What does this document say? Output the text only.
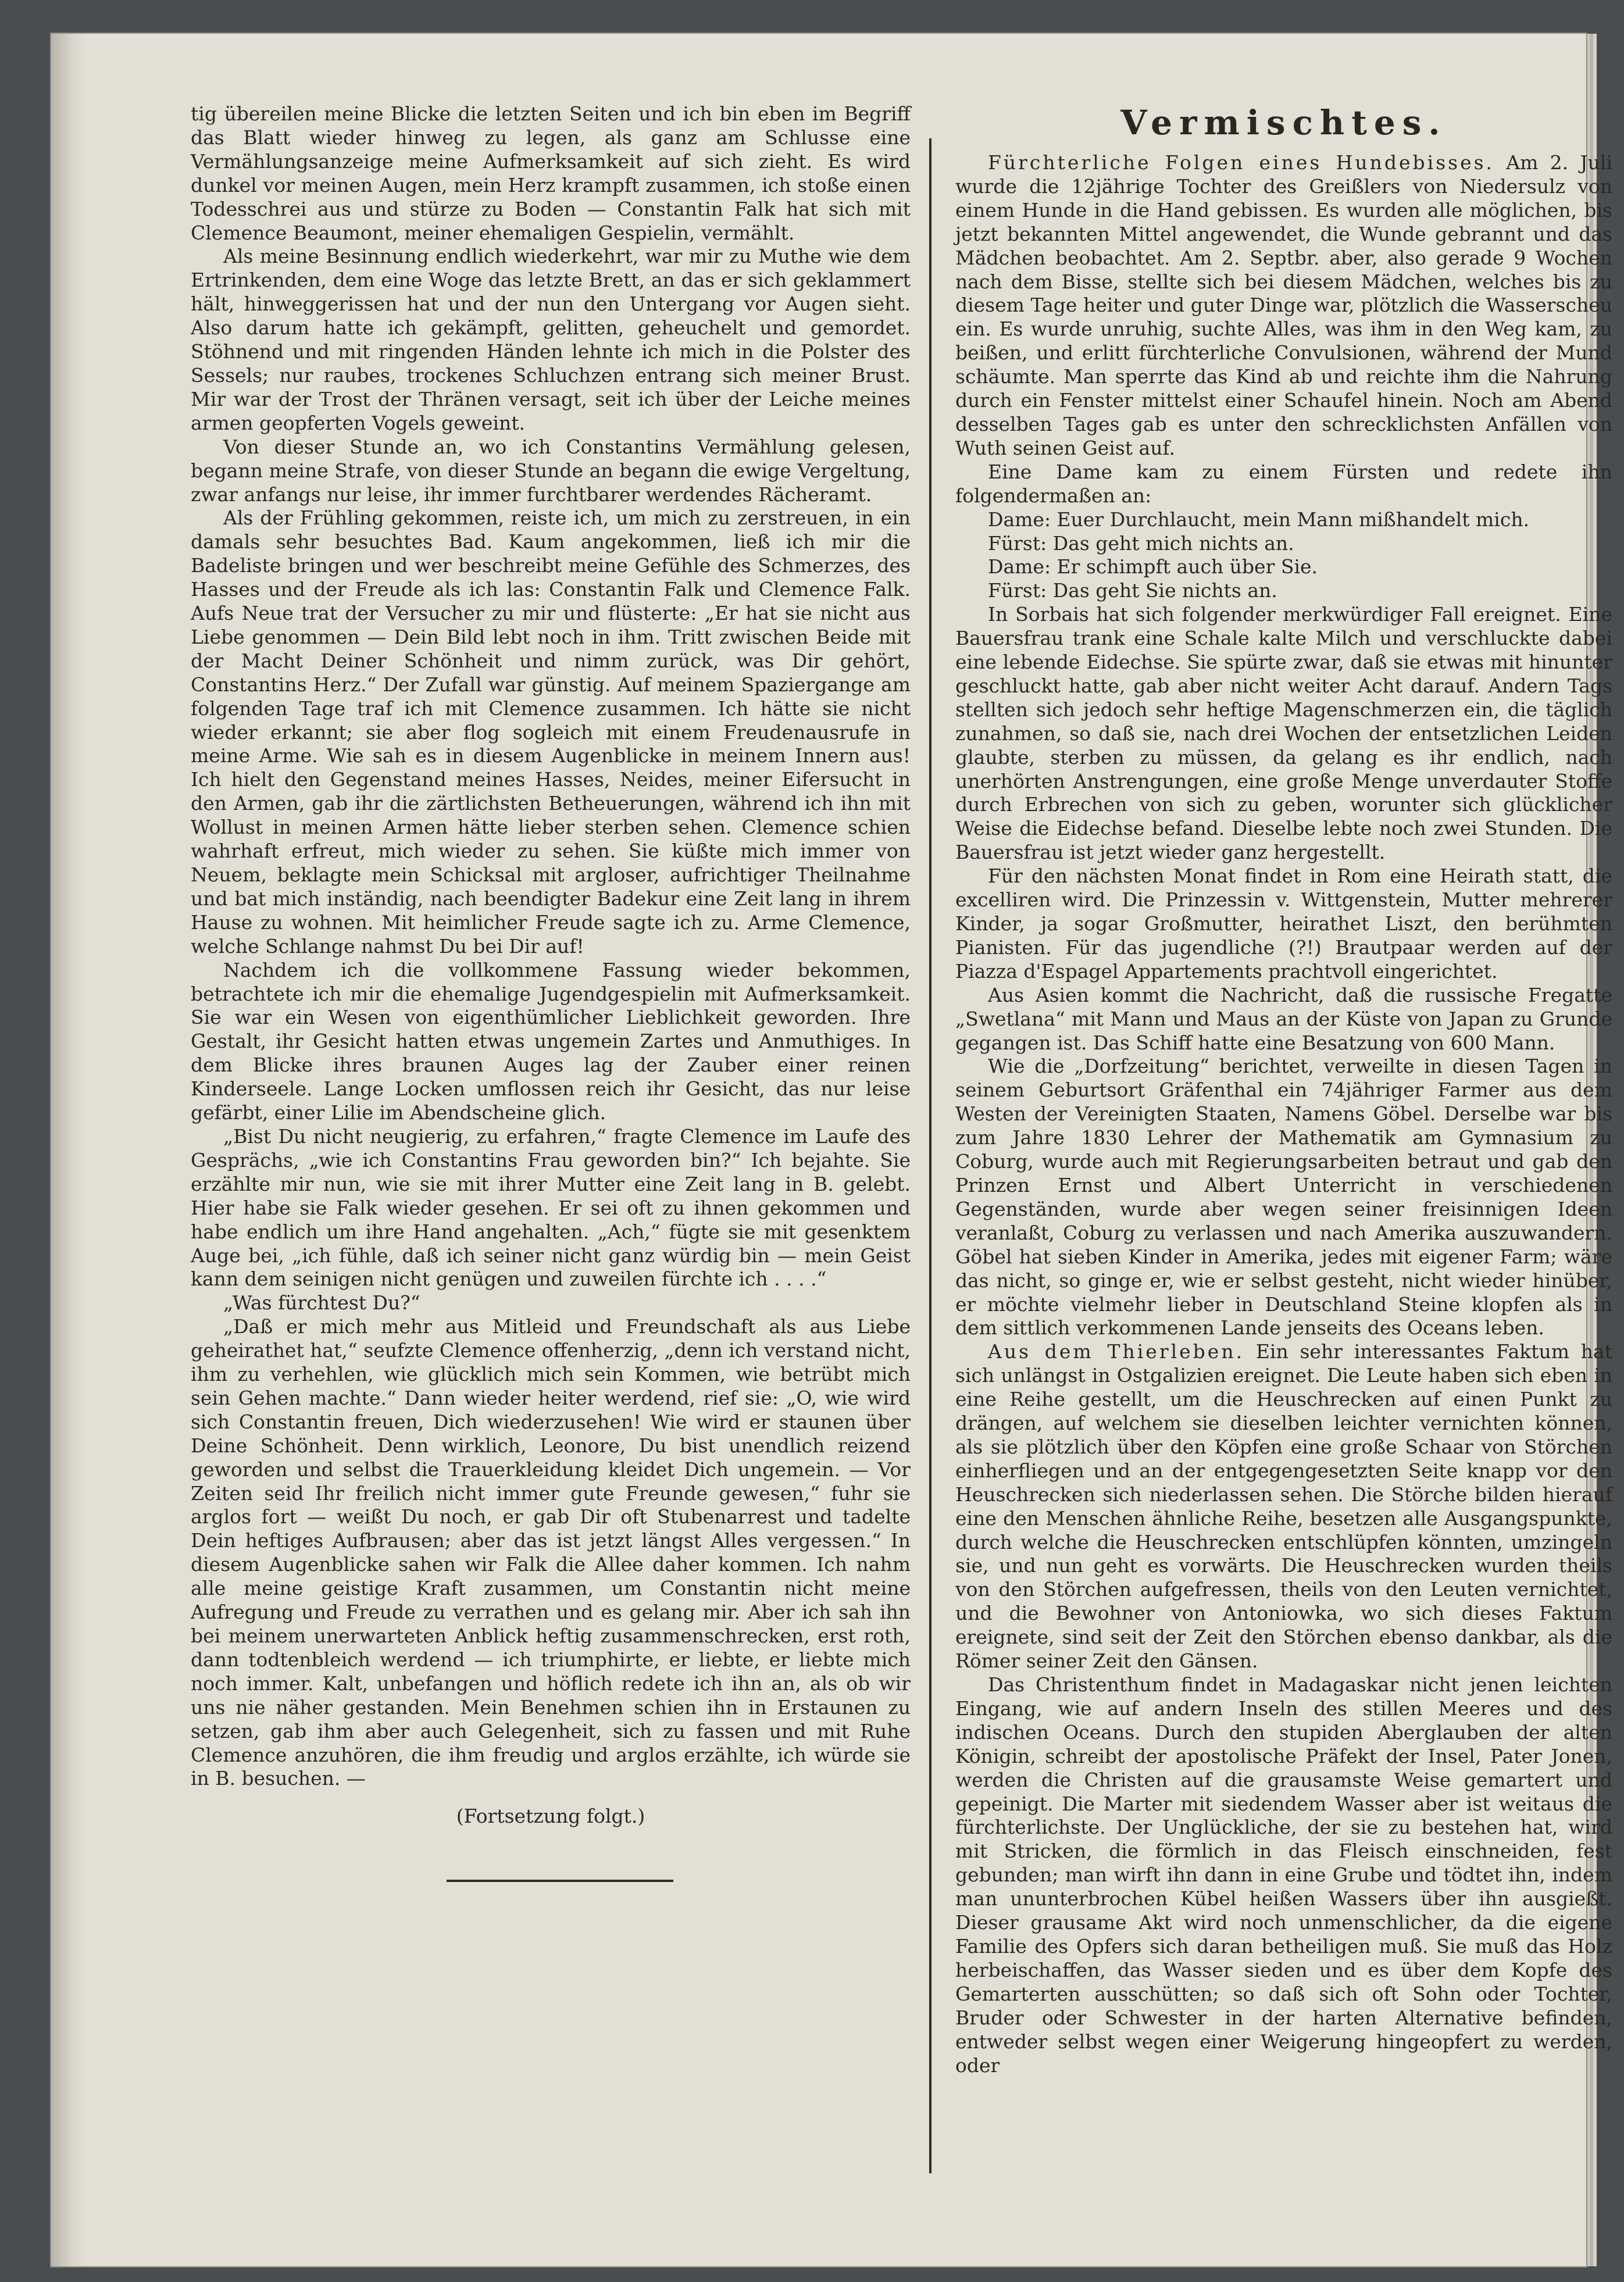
tig übereilen meine Blicke die letzten Seiten und ich bin eben im Begriff das Blatt wieder hinweg zu legen, als ganz am Schlusse eine Vermählungsanzeige meine Aufmerksamkeit auf sich zieht. Es wird dunkel vor meinen Augen, mein Herz krampft zusammen, ich stoße einen Todesschrei aus und stürze zu Boden — Constantin Falk hat sich mit Clemence Beaumont, meiner ehemaligen Gespielin, vermählt.

Als meine Besinnung endlich wiederkehrt, war mir zu Muthe wie dem Ertrinkenden, dem eine Woge das letzte Brett, an das er sich geklammert hält, hinweggerissen hat und der nun den Untergang vor Augen sieht. Also darum hatte ich gekämpft, gelitten, geheuchelt und gemordet. Stöhnend und mit ringenden Händen lehnte ich mich in die Polster des Sessels; nur raubes, trockenes Schluchzen entrang sich meiner Brust. Mir war der Trost der Thränen versagt, seit ich über der Leiche meines armen geopferten Vogels geweint.

Von dieser Stunde an, wo ich Constantins Vermählung gelesen, begann meine Strafe, von dieser Stunde an begann die ewige Vergeltung, zwar anfangs nur leise, ihr immer furchtbarer werdendes Rächeramt.

Als der Frühling gekommen, reiste ich, um mich zu zerstreuen, in ein damals sehr besuchtes Bad. Kaum angekommen, ließ ich mir die Badeliste bringen und wer beschreibt meine Gefühle des Schmerzes, des Hasses und der Freude als ich las: Constantin Falk und Clemence Falk. Aufs Neue trat der Versucher zu mir und flüsterte: „Er hat sie nicht aus Liebe genommen — Dein Bild lebt noch in ihm. Tritt zwischen Beide mit der Macht Deiner Schönheit und nimm zurück, was Dir gehört, Constantins Herz.“ Der Zufall war günstig. Auf meinem Spaziergange am folgenden Tage traf ich mit Clemence zusammen. Ich hätte sie nicht wieder erkannt; sie aber flog sogleich mit einem Freudenausrufe in meine Arme. Wie sah es in diesem Augenblicke in meinem Innern aus! Ich hielt den Gegenstand meines Hasses, Neides, meiner Eifersucht in den Armen, gab ihr die zärtlichsten Betheuerungen, während ich ihn mit Wollust in meinen Armen hätte lieber sterben sehen. Clemence schien wahrhaft erfreut, mich wieder zu sehen. Sie küßte mich immer von Neuem, beklagte mein Schicksal mit argloser, aufrichtiger Theilnahme und bat mich inständig, nach beendigter Badekur eine Zeit lang in ihrem Hause zu wohnen. Mit heimlicher Freude sagte ich zu. Arme Clemence, welche Schlange nahmst Du bei Dir auf!

Nachdem ich die vollkommene Fassung wieder bekommen, betrachtete ich mir die ehemalige Jugendgespielin mit Aufmerksamkeit. Sie war ein Wesen von eigenthümlicher Lieblichkeit geworden. Ihre Gestalt, ihr Gesicht hatten etwas ungemein Zartes und Anmuthiges. In dem Blicke ihres braunen Auges lag der Zauber einer reinen Kinderseele. Lange Locken umflossen reich ihr Gesicht, das nur leise gefärbt, einer Lilie im Abendscheine glich.

„Bist Du nicht neugierig, zu erfahren,“ fragte Clemence im Laufe des Gesprächs, „wie ich Constantins Frau geworden bin?“ Ich bejahte. Sie erzählte mir nun, wie sie mit ihrer Mutter eine Zeit lang in B. gelebt. Hier habe sie Falk wieder gesehen. Er sei oft zu ihnen gekommen und habe endlich um ihre Hand angehalten. „Ach,“ fügte sie mit gesenktem Auge bei, „ich fühle, daß ich seiner nicht ganz würdig bin — mein Geist kann dem seinigen nicht genügen und zuweilen fürchte ich . . . .“

„Was fürchtest Du?“

„Daß er mich mehr aus Mitleid und Freundschaft als aus Liebe geheirathet hat,“ seufzte Clemence offenherzig, „denn ich verstand nicht, ihm zu verhehlen, wie glücklich mich sein Kommen, wie betrübt mich sein Gehen machte.“ Dann wieder heiter werdend, rief sie: „O, wie wird sich Constantin freuen, Dich wiederzusehen! Wie wird er staunen über Deine Schönheit. Denn wirklich, Leonore, Du bist unendlich reizend geworden und selbst die Trauerkleidung kleidet Dich ungemein. — Vor Zeiten seid Ihr freilich nicht immer gute Freunde gewesen,“ fuhr sie arglos fort — weißt Du noch, er gab Dir oft Stubenarrest und tadelte Dein heftiges Aufbrausen; aber das ist jetzt längst Alles vergessen.“ In diesem Augenblicke sahen wir Falk die Allee daher kommen. Ich nahm alle meine geistige Kraft zusammen, um Constantin nicht meine Aufregung und Freude zu verrathen und es gelang mir. Aber ich sah ihn bei meinem unerwarteten Anblick heftig zusammenschrecken, erst roth, dann todtenbleich werdend — ich triumphirte, er liebte, er liebte mich noch immer. Kalt, unbefangen und höflich redete ich ihn an, als ob wir uns nie näher gestanden. Mein Benehmen schien ihn in Erstaunen zu setzen, gab ihm aber auch Gelegenheit, sich zu fassen und mit Ruhe Clemence anzuhören, die ihm freudig und arglos erzählte, ich würde sie in B. besuchen. —

(Fortsetzung folgt.)

Vermischtes.

Fürchterliche Folgen eines Hundebisses. Am 2. Juli wurde die 12jährige Tochter des Greißlers von Niedersulz von einem Hunde in die Hand gebissen. Es wurden alle möglichen, bis jetzt bekannten Mittel angewendet, die Wunde gebrannt und das Mädchen beobachtet. Am 2. Septbr. aber, also gerade 9 Wochen nach dem Bisse, stellte sich bei diesem Mädchen, welches bis zu diesem Tage heiter und guter Dinge war, plötzlich die Wasserscheu ein. Es wurde unruhig, suchte Alles, was ihm in den Weg kam, zu beißen, und erlitt fürchterliche Convulsionen, während der Mund schäumte. Man sperrte das Kind ab und reichte ihm die Nahrung durch ein Fenster mittelst einer Schaufel hinein. Noch am Abend desselben Tages gab es unter den schrecklichsten Anfällen von Wuth seinen Geist auf.

Eine Dame kam zu einem Fürsten und redete ihn folgendermaßen an:

Dame: Euer Durchlaucht, mein Mann mißhandelt mich.

Fürst: Das geht mich nichts an.

Dame: Er schimpft auch über Sie.

Fürst: Das geht Sie nichts an.

In Sorbais hat sich folgender merkwürdiger Fall ereignet. Eine Bauersfrau trank eine Schale kalte Milch und verschluckte dabei eine lebende Eidechse. Sie spürte zwar, daß sie etwas mit hinunter geschluckt hatte, gab aber nicht weiter Acht darauf. Andern Tags stellten sich jedoch sehr heftige Magenschmerzen ein, die täglich zunahmen, so daß sie, nach drei Wochen der entsetzlichen Leiden glaubte, sterben zu müssen, da gelang es ihr endlich, nach unerhörten Anstrengungen, eine große Menge unverdauter Stoffe durch Erbrechen von sich zu geben, worunter sich glücklicher Weise die Eidechse befand. Dieselbe lebte noch zwei Stunden. Die Bauersfrau ist jetzt wieder ganz hergestellt.

Für den nächsten Monat findet in Rom eine Heirath statt, die excelliren wird. Die Prinzessin v. Wittgenstein, Mutter mehrerer Kinder, ja sogar Großmutter, heirathet Liszt, den berühmten Pianisten. Für das jugendliche (?!) Brautpaar werden auf der Piazza d'Espagel Appartements prachtvoll eingerichtet.

Aus Asien kommt die Nachricht, daß die russische Fregatte „Swetlana“ mit Mann und Maus an der Küste von Japan zu Grunde gegangen ist. Das Schiff hatte eine Besatzung von 600 Mann.

Wie die „Dorfzeitung“ berichtet, verweilte in diesen Tagen in seinem Geburtsort Gräfenthal ein 74jähriger Farmer aus dem Westen der Vereinigten Staaten, Namens Göbel. Derselbe war bis zum Jahre 1830 Lehrer der Mathematik am Gymnasium zu Coburg, wurde auch mit Regierungsarbeiten betraut und gab den Prinzen Ernst und Albert Unterricht in verschiedenen Gegenständen, wurde aber wegen seiner freisinnigen Ideen veranlaßt, Coburg zu verlassen und nach Amerika auszuwandern. Göbel hat sieben Kinder in Amerika, jedes mit eigener Farm; wäre das nicht, so ginge er, wie er selbst gesteht, nicht wieder hinüber, er möchte vielmehr lieber in Deutschland Steine klopfen als in dem sittlich verkommenen Lande jenseits des Oceans leben.

Aus dem Thierleben. Ein sehr interessantes Faktum hat sich unlängst in Ostgalizien ereignet. Die Leute haben sich eben in eine Reihe gestellt, um die Heuschrecken auf einen Punkt zu drängen, auf welchem sie dieselben leichter vernichten können, als sie plötzlich über den Köpfen eine große Schaar von Störchen einherfliegen und an der entgegengesetzten Seite knapp vor den Heuschrecken sich niederlassen sehen. Die Störche bilden hierauf eine den Menschen ähnliche Reihe, besetzen alle Ausgangspunkte, durch welche die Heuschrecken entschlüpfen könnten, umzingeln sie, und nun geht es vorwärts. Die Heuschrecken wurden theils von den Störchen aufgefressen, theils von den Leuten vernichtet, und die Bewohner von Antoniowka, wo sich dieses Faktum ereignete, sind seit der Zeit den Störchen ebenso dankbar, als die Römer seiner Zeit den Gänsen.

Das Christenthum findet in Madagaskar nicht jenen leichten Eingang, wie auf andern Inseln des stillen Meeres und des indischen Oceans. Durch den stupiden Aberglauben der alten Königin, schreibt der apostolische Präfekt der Insel, Pater Jonen, werden die Christen auf die grausamste Weise gemartert und gepeinigt. Die Marter mit siedendem Wasser aber ist weitaus die fürchterlichste. Der Unglückliche, der sie zu bestehen hat, wird mit Stricken, die förmlich in das Fleisch einschneiden, fest gebunden; man wirft ihn dann in eine Grube und tödtet ihn, indem man ununterbrochen Kübel heißen Wassers über ihn ausgießt. Dieser grausame Akt wird noch unmenschlicher, da die eigene Familie des Opfers sich daran betheiligen muß. Sie muß das Holz herbeischaffen, das Wasser sieden und es über dem Kopfe des Gemarterten ausschütten; so daß sich oft Sohn oder Tochter, Bruder oder Schwester in der harten Alternative befinden, entweder selbst wegen einer Weigerung hingeopfert zu werden, oder
